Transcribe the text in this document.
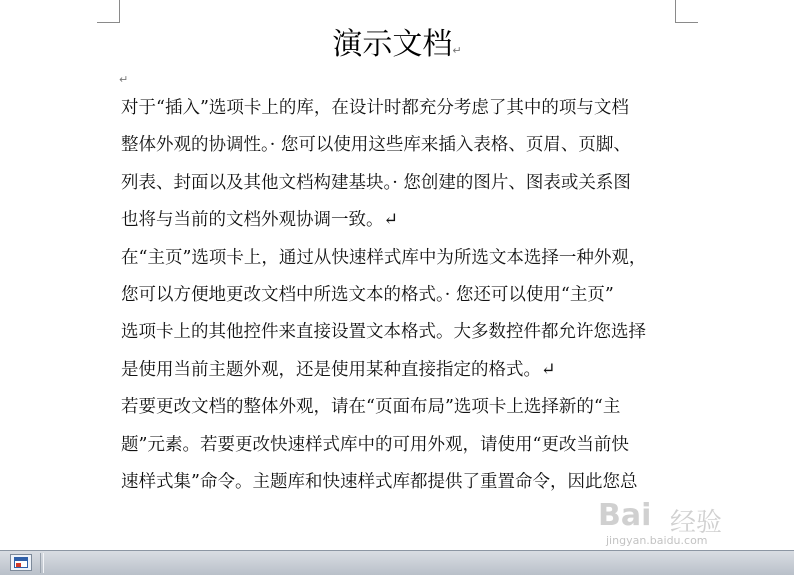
演示文档↵
↵
对于“插入”选项卡上的库，在设计时都充分考虑了其中的项与文档
整体外观的协调性。· 您可以使用这些库来插入表格、页眉、页脚、
列表、封面以及其他文档构建基块。· 您创建的图片、图表或关系图
也将与当前的文档外观协调一致。↵
在“主页”选项卡上，通过从快速样式库中为所选文本选择一种外观，
您可以方便地更改文档中所选文本的格式。· 您还可以使用“主页”
选项卡上的其他控件来直接设置文本格式。大多数控件都允许您选择
是使用当前主题外观，还是使用某种直接指定的格式。↵
若要更改文档的整体外观，请在“页面布局”选项卡上选择新的“主
题”元素。若要更改快速样式库中的可用外观，请使用“更改当前快
速样式集”命令。主题库和快速样式库都提供了重置命令，因此您总
Bai 经验
jingyan.baidu.com
